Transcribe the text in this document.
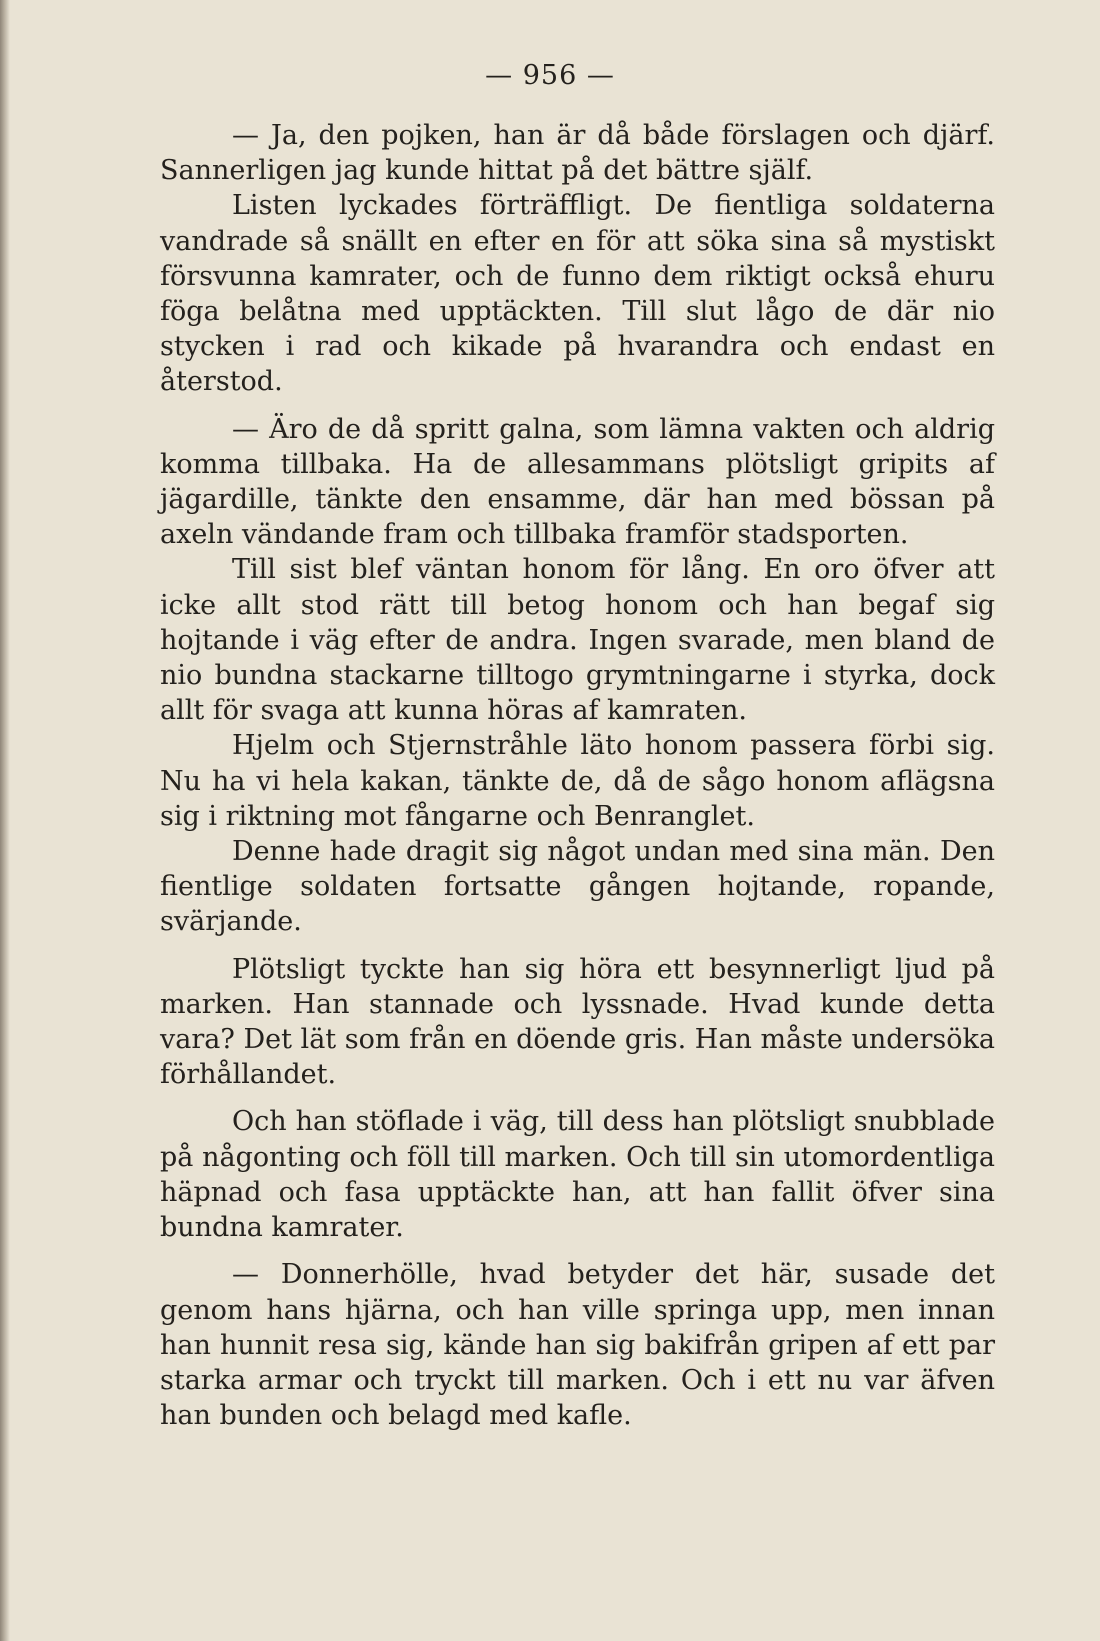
— 956 —

— Ja, den pojken, han är då både förslagen och djärf. Sannerligen jag kunde hittat på det bättre själf.

Listen lyckades förträffligt. De fientliga soldaterna vandrade så snällt en efter en för att söka sina så mystiskt försvunna kamrater, och de funno dem riktigt också ehuru föga belåtna med upptäckten. Till slut lågo de där nio stycken i rad och kikade på hvarandra och endast en återstod.

— Äro de då spritt galna, som lämna vakten och aldrig komma tillbaka. Ha de allesammans plötsligt gripits af jägardille, tänkte den ensamme, där han med bössan på axeln vändande fram och tillbaka framför stadsporten.

Till sist blef väntan honom för lång. En oro öfver att icke allt stod rätt till betog honom och han begaf sig hojtande i väg efter de andra. Ingen svarade, men bland de nio bundna stackarne tilltogo grymtningarne i styrka, dock allt för svaga att kunna höras af kamraten.

Hjelm och Stjernstråhle läto honom passera förbi sig. Nu ha vi hela kakan, tänkte de, då de sågo honom aflägsna sig i riktning mot fångarne och Benranglet.

Denne hade dragit sig något undan med sina män. Den fientlige soldaten fortsatte gången hojtande, ropande, svärjande.

Plötsligt tyckte han sig höra ett besynnerligt ljud på marken. Han stannade och lyssnade. Hvad kunde detta vara? Det lät som från en döende gris. Han måste undersöka förhållandet.

Och han stöflade i väg, till dess han plötsligt snubblade på någonting och föll till marken. Och till sin utomordentliga häpnad och fasa upptäckte han, att han fallit öfver sina bundna kamrater.

— Donnerhölle, hvad betyder det här, susade det genom hans hjärna, och han ville springa upp, men innan han hunnit resa sig, kände han sig bakifrån gripen af ett par starka armar och tryckt till marken. Och i ett nu var äfven han bunden och belagd med kafle.
